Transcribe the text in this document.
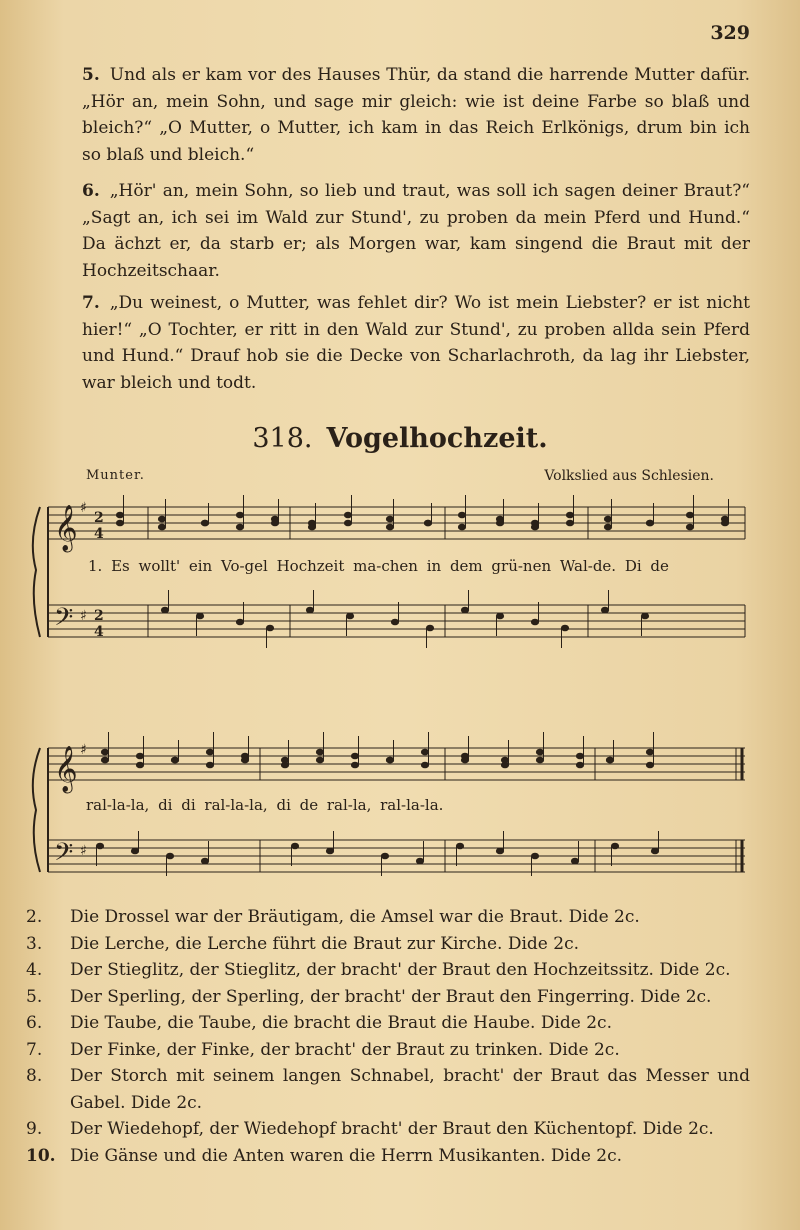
329
5. Und als er kam vor des Hauses Thür, da stand die harrende Mutter dafür. „Hör an, mein Sohn, und sage mir gleich: wie ist deine Farbe so blaß und bleich?“ „O Mutter, o Mutter, ich kam in das Reich Erlkönigs, drum bin ich so blaß und bleich.“
6. „Hör' an, mein Sohn, so lieb und traut, was soll ich sagen deiner Braut?“ „Sagt an, ich sei im Wald zur Stund', zu proben da mein Pferd und Hund.“ Da ächzt er, da starb er; als Morgen war, kam singend die Braut mit der Hochzeitschaar.
7. „Du weinest, o Mutter, was fehlet dir? Wo ist mein Liebster? er ist nicht hier!“ „O Tochter, er ritt in den Wald zur Stund', zu proben allda sein Pferd und Hund.“ Drauf hob sie die Decke von Scharlachroth, da lag ihr Liebster, war bleich und todt.
318. Vogelhochzeit.
Munter.	Volkslied aus Schlesien.
𝄞
𝄢
𝄞
𝄢
♯
♯
♯
♯
2
4
2
4
1. Es wollt' ein Vo-gel Hochzeit ma-chen in dem grü-nen Wal-de. Di de
ral-la-la, di di ral-la-la, di de ral-la, ral-la-la.
2. Die Drossel war der Bräutigam, die Amsel war die Braut. Dide 2c.
3. Die Lerche, die Lerche führt die Braut zur Kirche. Dide 2c.
4. Der Stieglitz, der Stieglitz, der bracht' der Braut den Hochzeitssitz. Dide 2c.
5. Der Sperling, der Sperling, der bracht' der Braut den Fingerring. Dide 2c.
6. Die Taube, die Taube, die bracht die Braut die Haube. Dide 2c.
7. Der Finke, der Finke, der bracht' der Braut zu trinken. Dide 2c.
8. Der Storch mit seinem langen Schnabel, bracht' der Braut das Messer und Gabel. Dide 2c.
9. Der Wiedehopf, der Wiedehopf bracht' der Braut den Küchentopf. Dide 2c.
10. Die Gänse und die Anten waren die Herrn Musikanten. Dide 2c.
